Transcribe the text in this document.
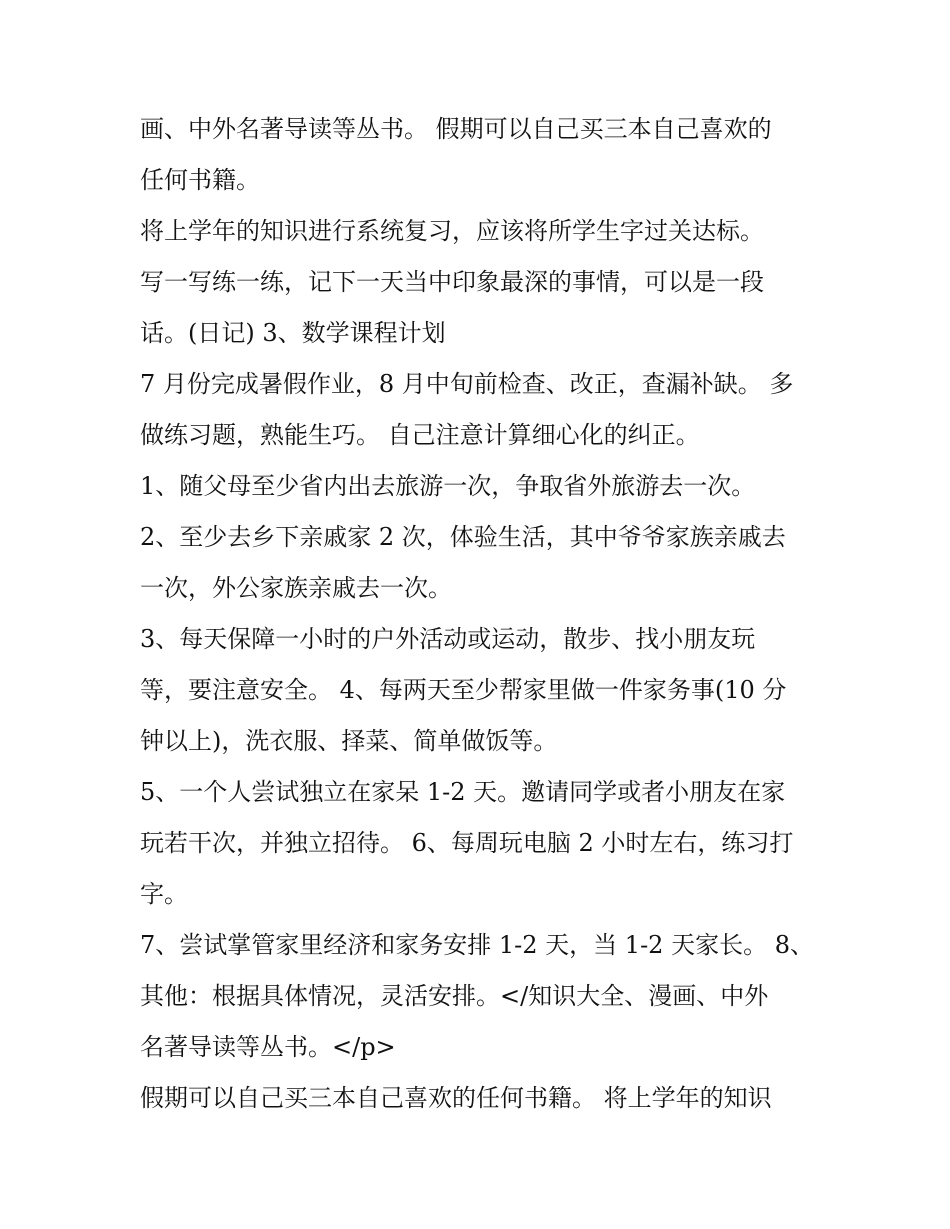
画、中外名著导读等丛书。 假期可以自己买三本自己喜欢的
任何书籍。
将上学年的知识进行系统复习，应该将所学生字过关达标。
写一写练一练，记下一天当中印象最深的事情，可以是一段
话。(日记) 3、数学课程计划
7 月份完成暑假作业，8 月中旬前检查、改正，查漏补缺。 多
做练习题，熟能生巧。 自己注意计算细心化的纠正。
1、随父母至少省内出去旅游一次，争取省外旅游去一次。
2、至少去乡下亲戚家 2 次，体验生活，其中爷爷家族亲戚去
一次，外公家族亲戚去一次。
3、每天保障一小时的户外活动或运动，散步、找小朋友玩
等，要注意安全。 4、每两天至少帮家里做一件家务事(10 分
钟以上)，洗衣服、择菜、简单做饭等。
5、一个人尝试独立在家呆 1-2 天。邀请同学或者小朋友在家
玩若干次，并独立招待。 6、每周玩电脑 2 小时左右，练习打
字。
7、尝试掌管家里经济和家务安排 1-2 天，当 1-2 天家长。 8、
其他：根据具体情况，灵活安排。</知识大全、漫画、中外
名著导读等丛书。</p>
假期可以自己买三本自己喜欢的任何书籍。 将上学年的知识
